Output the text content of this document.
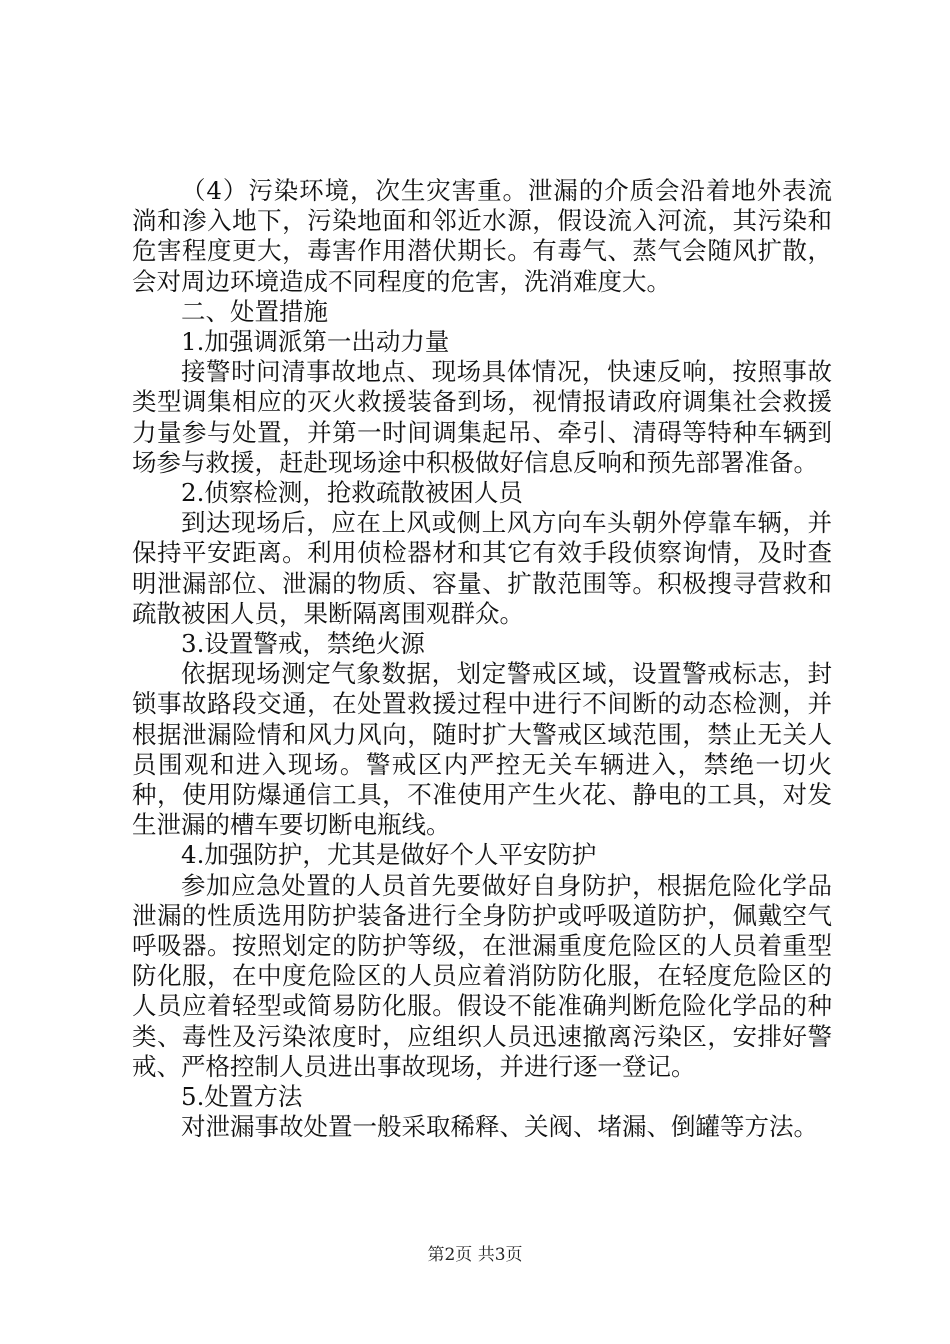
（4）污染环境，次生灾害重。泄漏的介质会沿着地外表流淌和渗入地下，污染地面和邻近水源，假设流入河流，其污染和危害程度更大，毒害作用潜伏期长。有毒气、蒸气会随风扩散，会对周边环境造成不同程度的危害，洗消难度大。

二、处置措施

1.加强调派第一出动力量

接警时问清事故地点、现场具体情况，快速反响，按照事故类型调集相应的灭火救援装备到场，视情报请政府调集社会救援力量参与处置，并第一时间调集起吊、牵引、清碍等特种车辆到场参与救援，赶赴现场途中积极做好信息反响和预先部署准备。

2.侦察检测，抢救疏散被困人员

到达现场后，应在上风或侧上风方向车头朝外停靠车辆，并保持平安距离。利用侦检器材和其它有效手段侦察询情，及时查明泄漏部位、泄漏的物质、容量、扩散范围等。积极搜寻营救和疏散被困人员，果断隔离围观群众。

3.设置警戒，禁绝火源

依据现场测定气象数据，划定警戒区域，设置警戒标志，封锁事故路段交通，在处置救援过程中进行不间断的动态检测，并根据泄漏险情和风力风向，随时扩大警戒区域范围，禁止无关人员围观和进入现场。警戒区内严控无关车辆进入，禁绝一切火种，使用防爆通信工具，不准使用产生火花、静电的工具，对发生泄漏的槽车要切断电瓶线。

4.加强防护，尤其是做好个人平安防护

参加应急处置的人员首先要做好自身防护，根据危险化学品泄漏的性质选用防护装备进行全身防护或呼吸道防护，佩戴空气呼吸器。按照划定的防护等级，在泄漏重度危险区的人员着重型防化服，在中度危险区的人员应着消防防化服，在轻度危险区的人员应着轻型或简易防化服。假设不能准确判断危险化学品的种类、毒性及污染浓度时，应组织人员迅速撤离污染区，安排好警戒、严格控制人员进出事故现场，并进行逐一登记。

5.处置方法

对泄漏事故处置一般采取稀释、关阀、堵漏、倒罐等方法。

第2页 共3页
